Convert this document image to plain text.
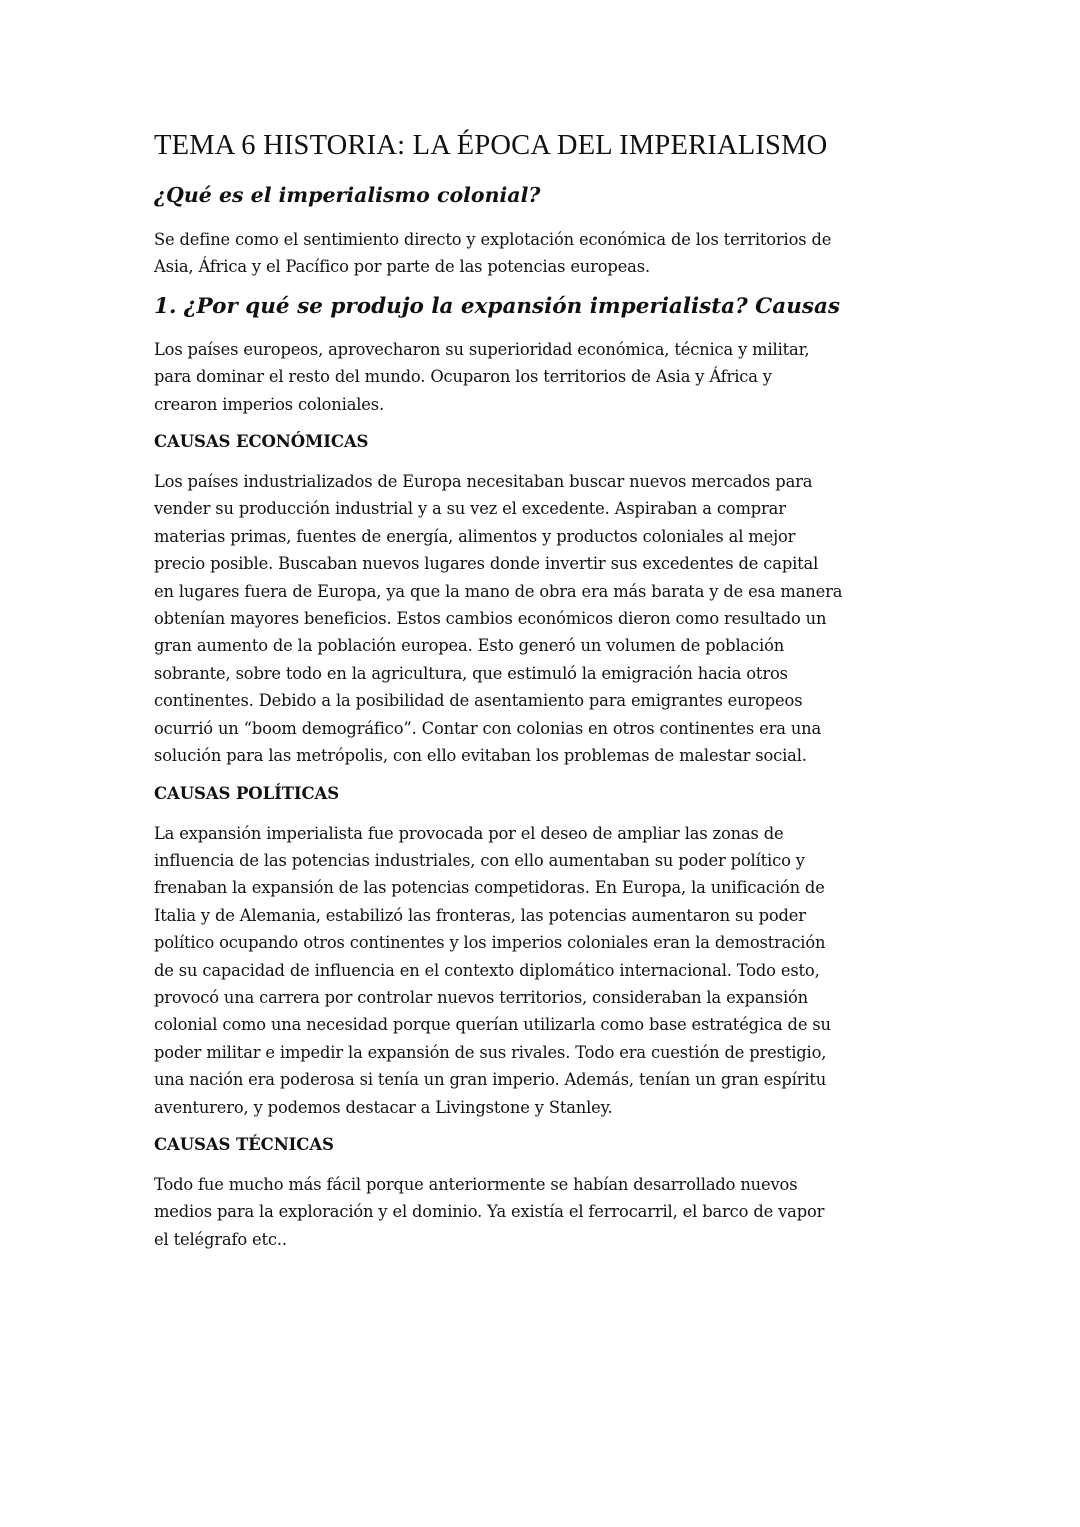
TEMA 6 HISTORIA: LA ÉPOCA DEL IMPERIALISMO
¿Qué es el imperialismo colonial?

Se define como el sentimiento directo y explotación económica de los territorios de
Asia, África y el Pacífico por parte de las potencias europeas.

1. ¿Por qué se produjo la expansión imperialista? Causas

Los países europeos, aprovecharon su superioridad económica, técnica y militar,
para dominar el resto del mundo. Ocuparon los territorios de Asia y África y
crearon imperios coloniales.

CAUSAS ECONÓMICAS

Los países industrializados de Europa necesitaban buscar nuevos mercados para
vender su producción industrial y a su vez el excedente. Aspiraban a comprar
materias primas, fuentes de energía, alimentos y productos coloniales al mejor
precio posible. Buscaban nuevos lugares donde invertir sus excedentes de capital
en lugares fuera de Europa, ya que la mano de obra era más barata y de esa manera
obtenían mayores beneficios. Estos cambios económicos dieron como resultado un
gran aumento de la población europea. Esto generó un volumen de población
sobrante, sobre todo en la agricultura, que estimuló la emigración hacia otros
continentes. Debido a la posibilidad de asentamiento para emigrantes europeos
ocurrió un “boom demográfico”. Contar con colonias en otros continentes era una
solución para las metrópolis, con ello evitaban los problemas de malestar social.

CAUSAS POLÍTICAS

La expansión imperialista fue provocada por el deseo de ampliar las zonas de
influencia de las potencias industriales, con ello aumentaban su poder político y
frenaban la expansión de las potencias competidoras. En Europa, la unificación de
Italia y de Alemania, estabilizó las fronteras, las potencias aumentaron su poder
político ocupando otros continentes y los imperios coloniales eran la demostración
de su capacidad de influencia en el contexto diplomático internacional. Todo esto,
provocó una carrera por controlar nuevos territorios, consideraban la expansión
colonial como una necesidad porque querían utilizarla como base estratégica de su
poder militar e impedir la expansión de sus rivales. Todo era cuestión de prestigio,
una nación era poderosa si tenía un gran imperio. Además, tenían un gran espíritu
aventurero, y podemos destacar a Livingstone y Stanley.

CAUSAS TÉCNICAS

Todo fue mucho más fácil porque anteriormente se habían desarrollado nuevos
medios para la exploración y el dominio. Ya existía el ferrocarril, el barco de vapor
el telégrafo etc..
